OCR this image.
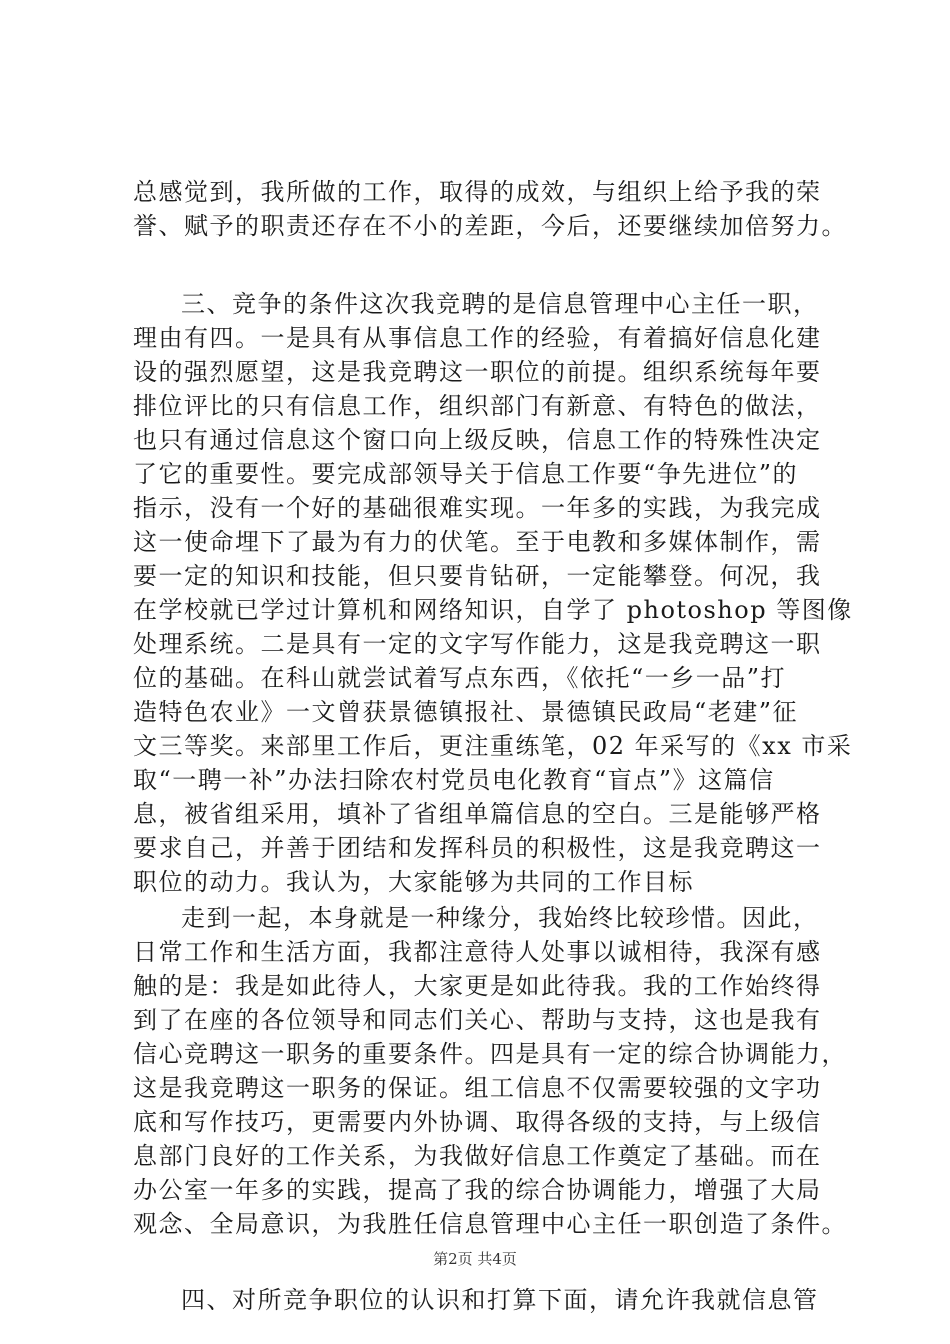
总感觉到，我所做的工作，取得的成效，与组织上给予我的荣
誉、赋予的职责还存在不小的差距，今后，还要继续加倍努力。
三、竞争的条件这次我竞聘的是信息管理中心主任一职，
理由有四。一是具有从事信息工作的经验，有着搞好信息化建
设的强烈愿望，这是我竞聘这一职位的前提。组织系统每年要
排位评比的只有信息工作，组织部门有新意、有特色的做法，
也只有通过信息这个窗口向上级反映，信息工作的特殊性决定
了它的重要性。要完成部领导关于信息工作要“争先进位”的
指示，没有一个好的基础很难实现。一年多的实践，为我完成
这一使命埋下了最为有力的伏笔。至于电教和多媒体制作，需
要一定的知识和技能，但只要肯钻研，一定能攀登。何况，我
在学校就已学过计算机和网络知识，自学了 photoshop 等图像
处理系统。二是具有一定的文字写作能力，这是我竞聘这一职
位的基础。在科山就尝试着写点东西，《依托“一乡一品”打
造特色农业》一文曾获景德镇报社、景德镇民政局“老建”征
文三等奖。来部里工作后，更注重练笔，02 年采写的《xx 市采
取“一聘一补”办法扫除农村党员电化教育“盲点”》这篇信
息，被省组采用，填补了省组单篇信息的空白。三是能够严格
要求自己，并善于团结和发挥科员的积极性，这是我竞聘这一
职位的动力。我认为，大家能够为共同的工作目标
走到一起，本身就是一种缘分，我始终比较珍惜。因此，
日常工作和生活方面，我都注意待人处事以诚相待，我深有感
触的是：我是如此待人，大家更是如此待我。我的工作始终得
到了在座的各位领导和同志们关心、帮助与支持，这也是我有
信心竞聘这一职务的重要条件。四是具有一定的综合协调能力，
这是我竞聘这一职务的保证。组工信息不仅需要较强的文字功
底和写作技巧，更需要内外协调、取得各级的支持，与上级信
息部门良好的工作关系，为我做好信息工作奠定了基础。而在
办公室一年多的实践，提高了我的综合协调能力，增强了大局
观念、全局意识，为我胜任信息管理中心主任一职创造了条件。
四、对所竞争职位的认识和打算下面，请允许我就信息管
第2页 共4页
